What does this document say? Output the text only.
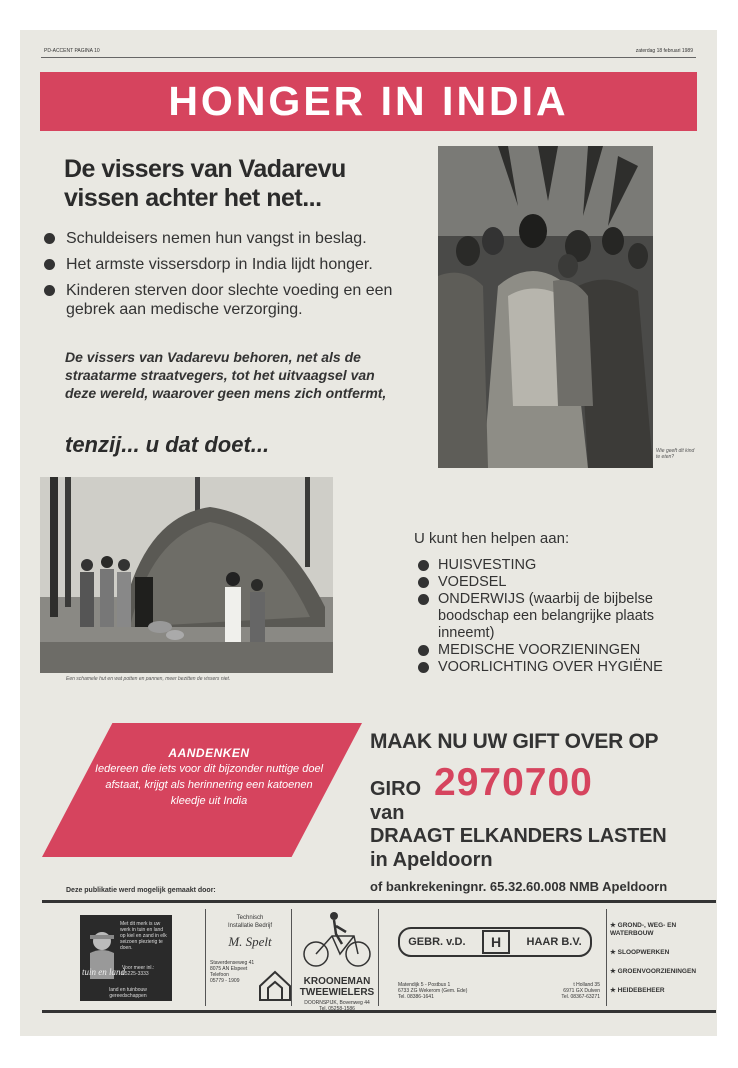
PD-ACCENT PAGINA 10	zaterdag 18 februari 1989
HONGER IN INDIA
De vissers van Vadarevu
vissen achter het net...
Schuldeisers nemen hun vangst in beslag.
Het armste vissersdorp in India lijdt honger.
Kinderen sterven door slechte voeding en een gebrek aan medische verzorging.
De vissers van Vadarevu behoren, net als de straatarme straatvegers, tot het uitvaagsel van deze wereld, waarover geen mens zich ontfermt,
tenzij... u dat doet...	Wie geeft dit kind te eten?
Een schamele hut en wat potten en pannen, meer bezitten de vissers niet.
U kunt hen helpen aan:
HUISVESTING
VOEDSEL
ONDERWIJS (waarbij de bijbelse boodschap een belangrijke plaats inneemt)
MEDISCHE VOORZIENINGEN
VOORLICHTING OVER HYGIËNE
AANDENKEN
Iedereen die iets voor dit bijzonder nuttige doel afstaat, krijgt als herinnering een katoenen kleedje uit India
MAAK NU UW GIFT OVER OP
GIRO 2970700
van
DRAAGT ELKANDERS LASTEN
in Apeldoorn
of bankrekeningnr. 65.32.60.008 NMB Apeldoorn
Deze publikatie werd mogelijk gemaakt door:
Met dit merk is uw werk in tuin en land op kiel en zand in elk seizoen plezierig te doen.
tuin en land
Voor meer inl.: 05225-3333
land en tuinbouw gereedschappen
Technisch
Installatie Bedrijf
M. Spelt
Staverdenseweg 41
8075 AN Elspeet
Telefoon
05779 - 1909	KROONEMAN
TWEEWIELERS
DOORNSPIJK, Bovenweg 44
Tel. 05258-1586
GEBR. v.D.	H	HAAR B.V.
Matendijk 5 - Postbus 1
6733 ZG Wekerom (Gem. Ede)
Tel. 08386-1641
t Holland 35
6971 GX Dulven
Tel. 08367-63271
★ GROND-, WEG- EN WATERBOUW
★ SLOOPWERKEN
★ GROENVOORZIENINGEN
★ HEIDEBEHEER
